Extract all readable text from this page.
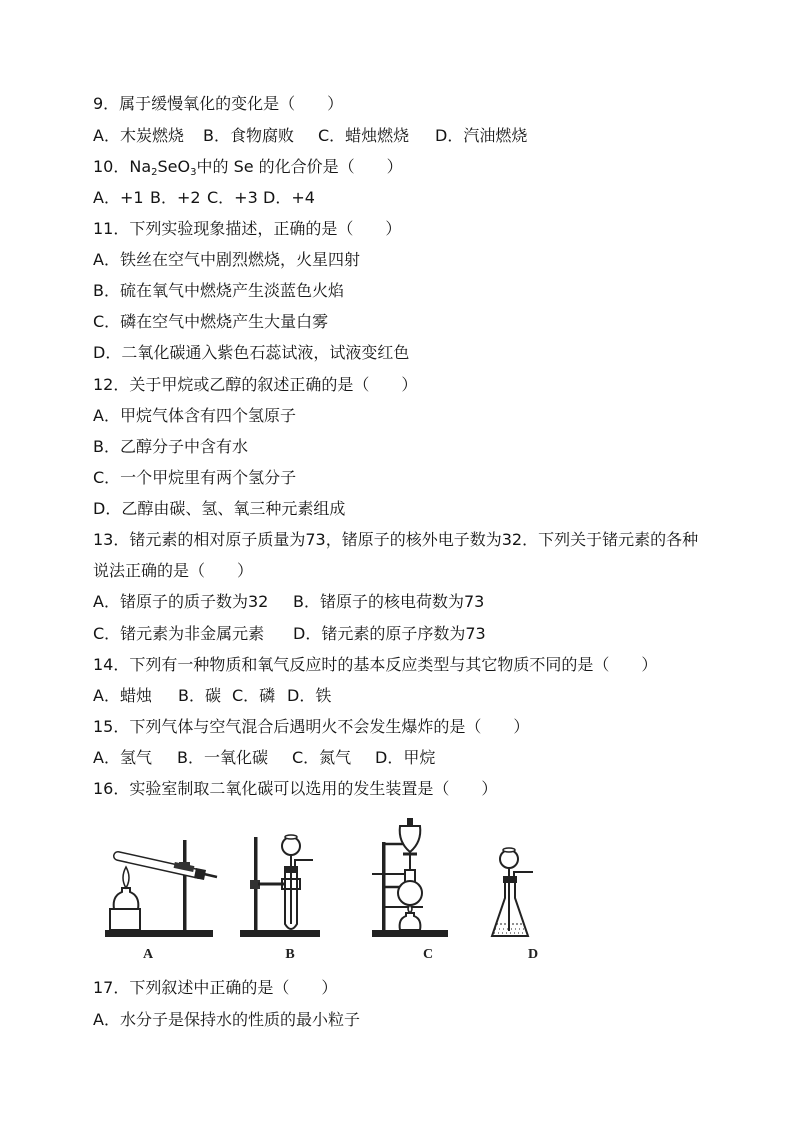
9．属于缓慢氧化的变化是（　　）

A．木炭燃烧

B．食物腐败

C．蜡烛燃烧

D．汽油燃烧

10．$Na_2SeO_3$中的 Se 的化合价是（　　）

A．+1

B．+2

C．+3

D．+4

11．下列实验现象描述，正确的是（　　）
A．铁丝在空气中剧烈燃烧，火星四射
B．硫在氧气中燃烧产生淡蓝色火焰
C．磷在空气中燃烧产生大量白雾
D．二氧化碳通入紫色石蕊试液，试液变红色
12．关于甲烷或乙醇的叙述正确的是（　　）
A．甲烷气体含有四个氢原子
B．乙醇分子中含有水
C．一个甲烷里有两个氢分子
D．乙醇由碳、氢、氧三种元素组成
13．锗元素的相对原子质量为73，锗原子的核外电子数为32．下列关于锗元素的各种
说法正确的是（　　）

A．锗原子的质子数为32

B．锗原子的核电荷数为73

C．锗元素为非金属元素

D．锗元素的原子序数为73

14．下列有一种物质和氧气反应时的基本反应类型与其它物质不同的是（　　）

A．蜡烛

B．碳

C．磷

D．铁

15．下列气体与空气混合后遇明火不会发生爆炸的是（　　）

A．氢气

B．一氧化碳

C．氮气

D．甲烷

16．实验室制取二氧化碳可以选用的发生装置是（　　）
A	B	C	D
17．下列叙述中正确的是（　　）
A．水分子是保持水的性质的最小粒子
